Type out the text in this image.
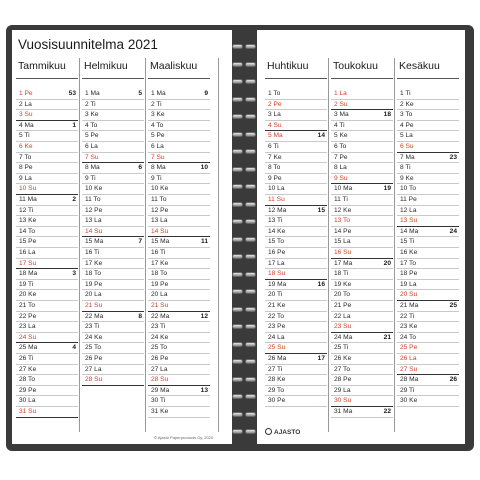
Vuosisuunnitelma 2021
© Ajasto Paperproducts Oy, 2020
Tammikuu
1 Pe	53
2 La
3 Su
4 Ma	1
5 Ti
6 Ke
7 To
8 Pe
9 La
10 Su
11 Ma	2
12 Ti
13 Ke
14 To
15 Pe
16 La
17 Su
18 Ma	3
19 Ti
20 Ke
21 To
22 Pe
23 La
24 Su
25 Ma	4
26 Ti
27 Ke
28 To
29 Pe
30 La
31 Su
Helmikuu
1 Ma	5
2 Ti
3 Ke
4 To
5 Pe
6 La
7 Su
8 Ma	6
9 Ti
10 Ke
11 To
12 Pe
13 La
14 Su
15 Ma	7
16 Ti
17 Ke
18 To
19 Pe
20 La
21 Su
22 Ma	8
23 Ti
24 Ke
25 To
26 Pe
27 La
28 Su
Maaliskuu
1 Ma	9
2 Ti
3 Ke
4 To
5 Pe
6 La
7 Su
8 Ma	10
9 Ti
10 Ke
11 To
12 Pe
13 La
14 Su
15 Ma	11
16 Ti
17 Ke
18 To
19 Pe
20 La
21 Su
22 Ma	12
23 Ti
24 Ke
25 To
26 Pe
27 La
28 Su
29 Ma	13
30 Ti
31 Ke
AJASTO
Huhtikuu
1 To
2 Pe
3 La
4 Su
5 Ma	14
6 Ti
7 Ke
8 To
9 Pe
10 La
11 Su
12 Ma	15
13 Ti
14 Ke
15 To
16 Pe
17 La
18 Su
19 Ma	16
20 Ti
21 Ke
22 To
23 Pe
24 La
25 Su
26 Ma	17
27 Ti
28 Ke
29 To
30 Pe
Toukokuu
1 La
2 Su
3 Ma	18
4 Ti
5 Ke
6 To
7 Pe
8 La
9 Su
10 Ma	19
11 Ti
12 Ke
13 To
14 Pe
15 La
16 Su
17 Ma	20
18 Ti
19 Ke
20 To
21 Pe
22 La
23 Su
24 Ma	21
25 Ti
26 Ke
27 To
28 Pe
29 La
30 Su
31 Ma	22
Kesäkuu
1 Ti
2 Ke
3 To
4 Pe
5 La
6 Su
7 Ma	23
8 Ti
9 Ke
10 To
11 Pe
12 La
13 Su
14 Ma	24
15 Ti
16 Ke
17 To
18 Pe
19 La
20 Su
21 Ma	25
22 Ti
23 Ke
24 To
25 Pe
26 La
27 Su
28 Ma	26
29 Ti
30 Ke
